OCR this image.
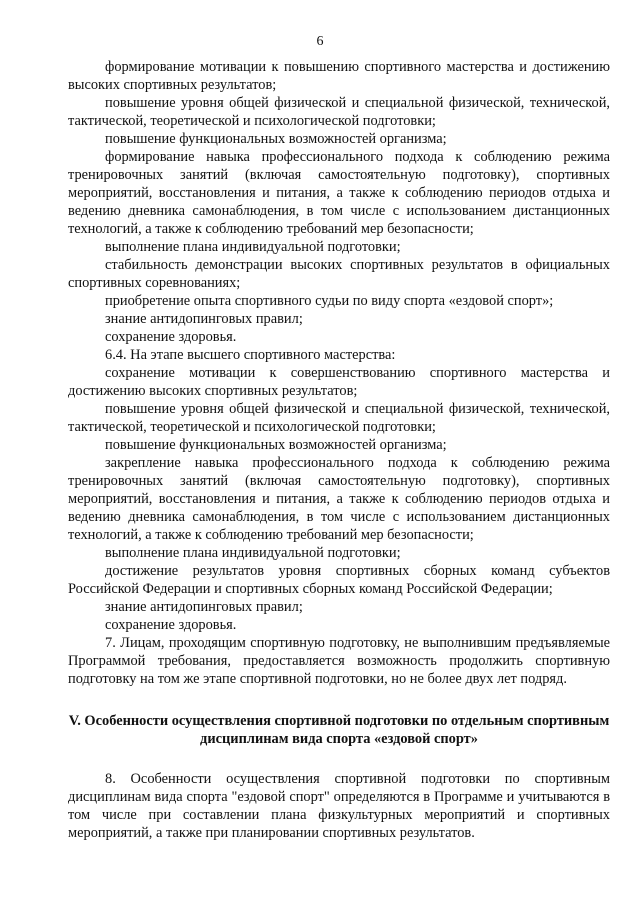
6

формирование мотивации к повышению спортивного мастерства и достижению высоких спортивных результатов;

повышение уровня общей физической и специальной физической, технической, тактической, теоретической и психологической подготовки;

повышение функциональных возможностей организма;

формирование навыка профессионального подхода к соблюдению режима тренировочных занятий (включая самостоятельную подготовку), спортивных мероприятий, восстановления и питания, а также к соблюдению периодов отдыха и ведению дневника самонаблюдения, в том числе с использованием дистанционных технологий, а также к соблюдению требований мер безопасности;

выполнение плана индивидуальной подготовки;

стабильность демонстрации высоких спортивных результатов в официальных спортивных соревнованиях;

приобретение опыта спортивного судьи по виду спорта «ездовой спорт»;

знание антидопинговых правил;

сохранение здоровья.

6.4. На этапе высшего спортивного мастерства:

сохранение мотивации к совершенствованию спортивного мастерства и достижению высоких спортивных результатов;

повышение уровня общей физической и специальной физической, технической, тактической, теоретической и психологической подготовки;

повышение функциональных возможностей организма;

закрепление навыка профессионального подхода к соблюдению режима тренировочных занятий (включая самостоятельную подготовку), спортивных мероприятий, восстановления и питания, а также к соблюдению периодов отдыха и ведению дневника самонаблюдения, в том числе с использованием дистанционных технологий, а также к соблюдению требований мер безопасности;

выполнение плана индивидуальной подготовки;

достижение результатов уровня спортивных сборных команд субъектов Российской Федерации и спортивных сборных команд Российской Федерации;

знание антидопинговых правил;

сохранение здоровья.

7. Лицам, проходящим спортивную подготовку, не выполнившим предъявляемые Программой требования, предоставляется возможность продолжить спортивную подготовку на том же этапе спортивной подготовки, но не более двух лет подряд.

V. Особенности осуществления спортивной подготовки по отдельным спортивным дисциплинам вида спорта «ездовой спорт»

8. Особенности осуществления спортивной подготовки по спортивным дисциплинам вида спорта "ездовой спорт" определяются в Программе и учитываются в том числе при составлении плана физкультурных мероприятий и спортивных мероприятий, а также при планировании спортивных результатов.
